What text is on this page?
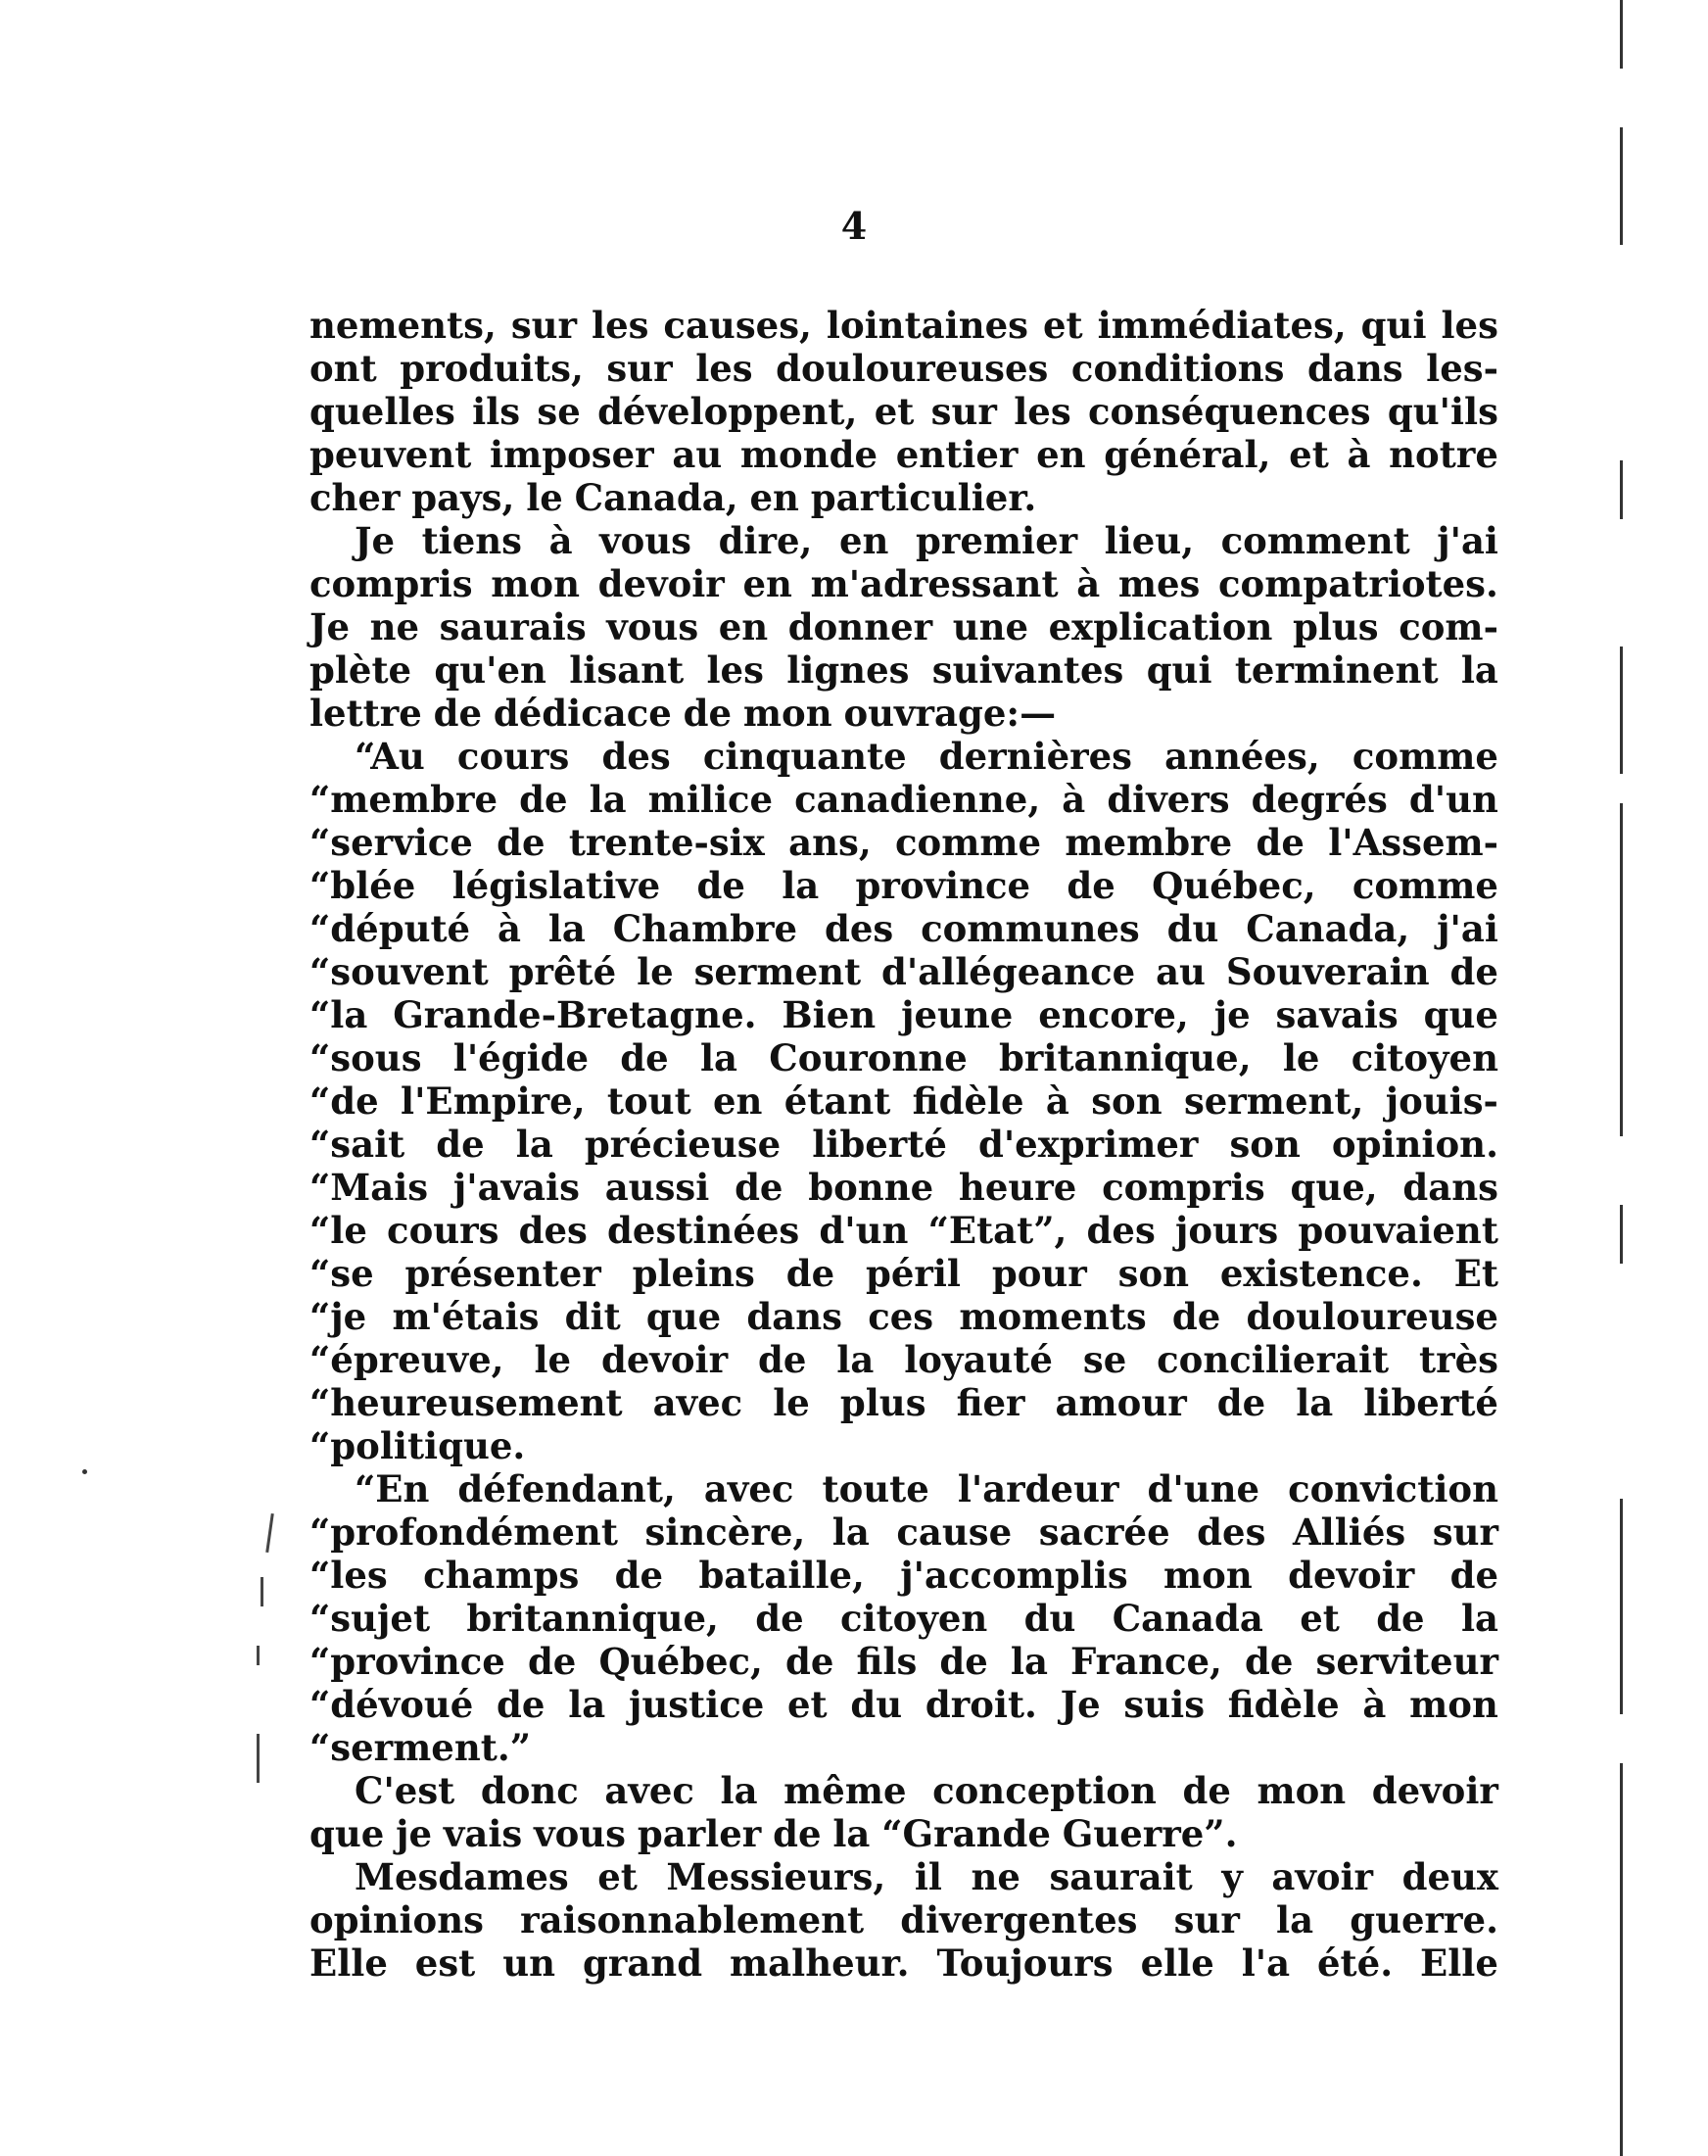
4
nements, sur les causes, lointaines et immédiates, qui les
ont produits, sur les douloureuses conditions dans les-
quelles ils se développent, et sur les conséquences qu'ils
peuvent imposer au monde entier en général, et à notre
cher pays, le Canada, en particulier.
Je tiens à vous dire, en premier lieu, comment j'ai
compris mon devoir en m'adressant à mes compatriotes.
Je ne saurais vous en donner une explication plus com-
plète qu'en lisant les lignes suivantes qui terminent la
lettre de dédicace de mon ouvrage:—
“Au cours des cinquante dernières années, comme
“membre de la milice canadienne, à divers degrés d'un
“service de trente-six ans, comme membre de l'Assem-
“blée législative de la province de Québec, comme
“député à la Chambre des communes du Canada, j'ai
“souvent prêté le serment d'allégeance au Souverain de
“la Grande-Bretagne. Bien jeune encore, je savais que
“sous l'égide de la Couronne britannique, le citoyen
“de l'Empire, tout en étant fidèle à son serment, jouis-
“sait de la précieuse liberté d'exprimer son opinion.
“Mais j'avais aussi de bonne heure compris que, dans
“le cours des destinées d'un “Etat”, des jours pouvaient
“se présenter pleins de péril pour son existence. Et
“je m'étais dit que dans ces moments de douloureuse
“épreuve, le devoir de la loyauté se concilierait très
“heureusement avec le plus fier amour de la liberté
“politique.
“En défendant, avec toute l'ardeur d'une conviction
“profondément sincère, la cause sacrée des Alliés sur
“les champs de bataille, j'accomplis mon devoir de
“sujet britannique, de citoyen du Canada et de la
“province de Québec, de fils de la France, de serviteur
“dévoué de la justice et du droit. Je suis fidèle à mon
“serment.”
C'est donc avec la même conception de mon devoir
que je vais vous parler de la “Grande Guerre”.
Mesdames et Messieurs, il ne saurait y avoir deux
opinions raisonnablement divergentes sur la guerre.
Elle est un grand malheur. Toujours elle l'a été. Elle
